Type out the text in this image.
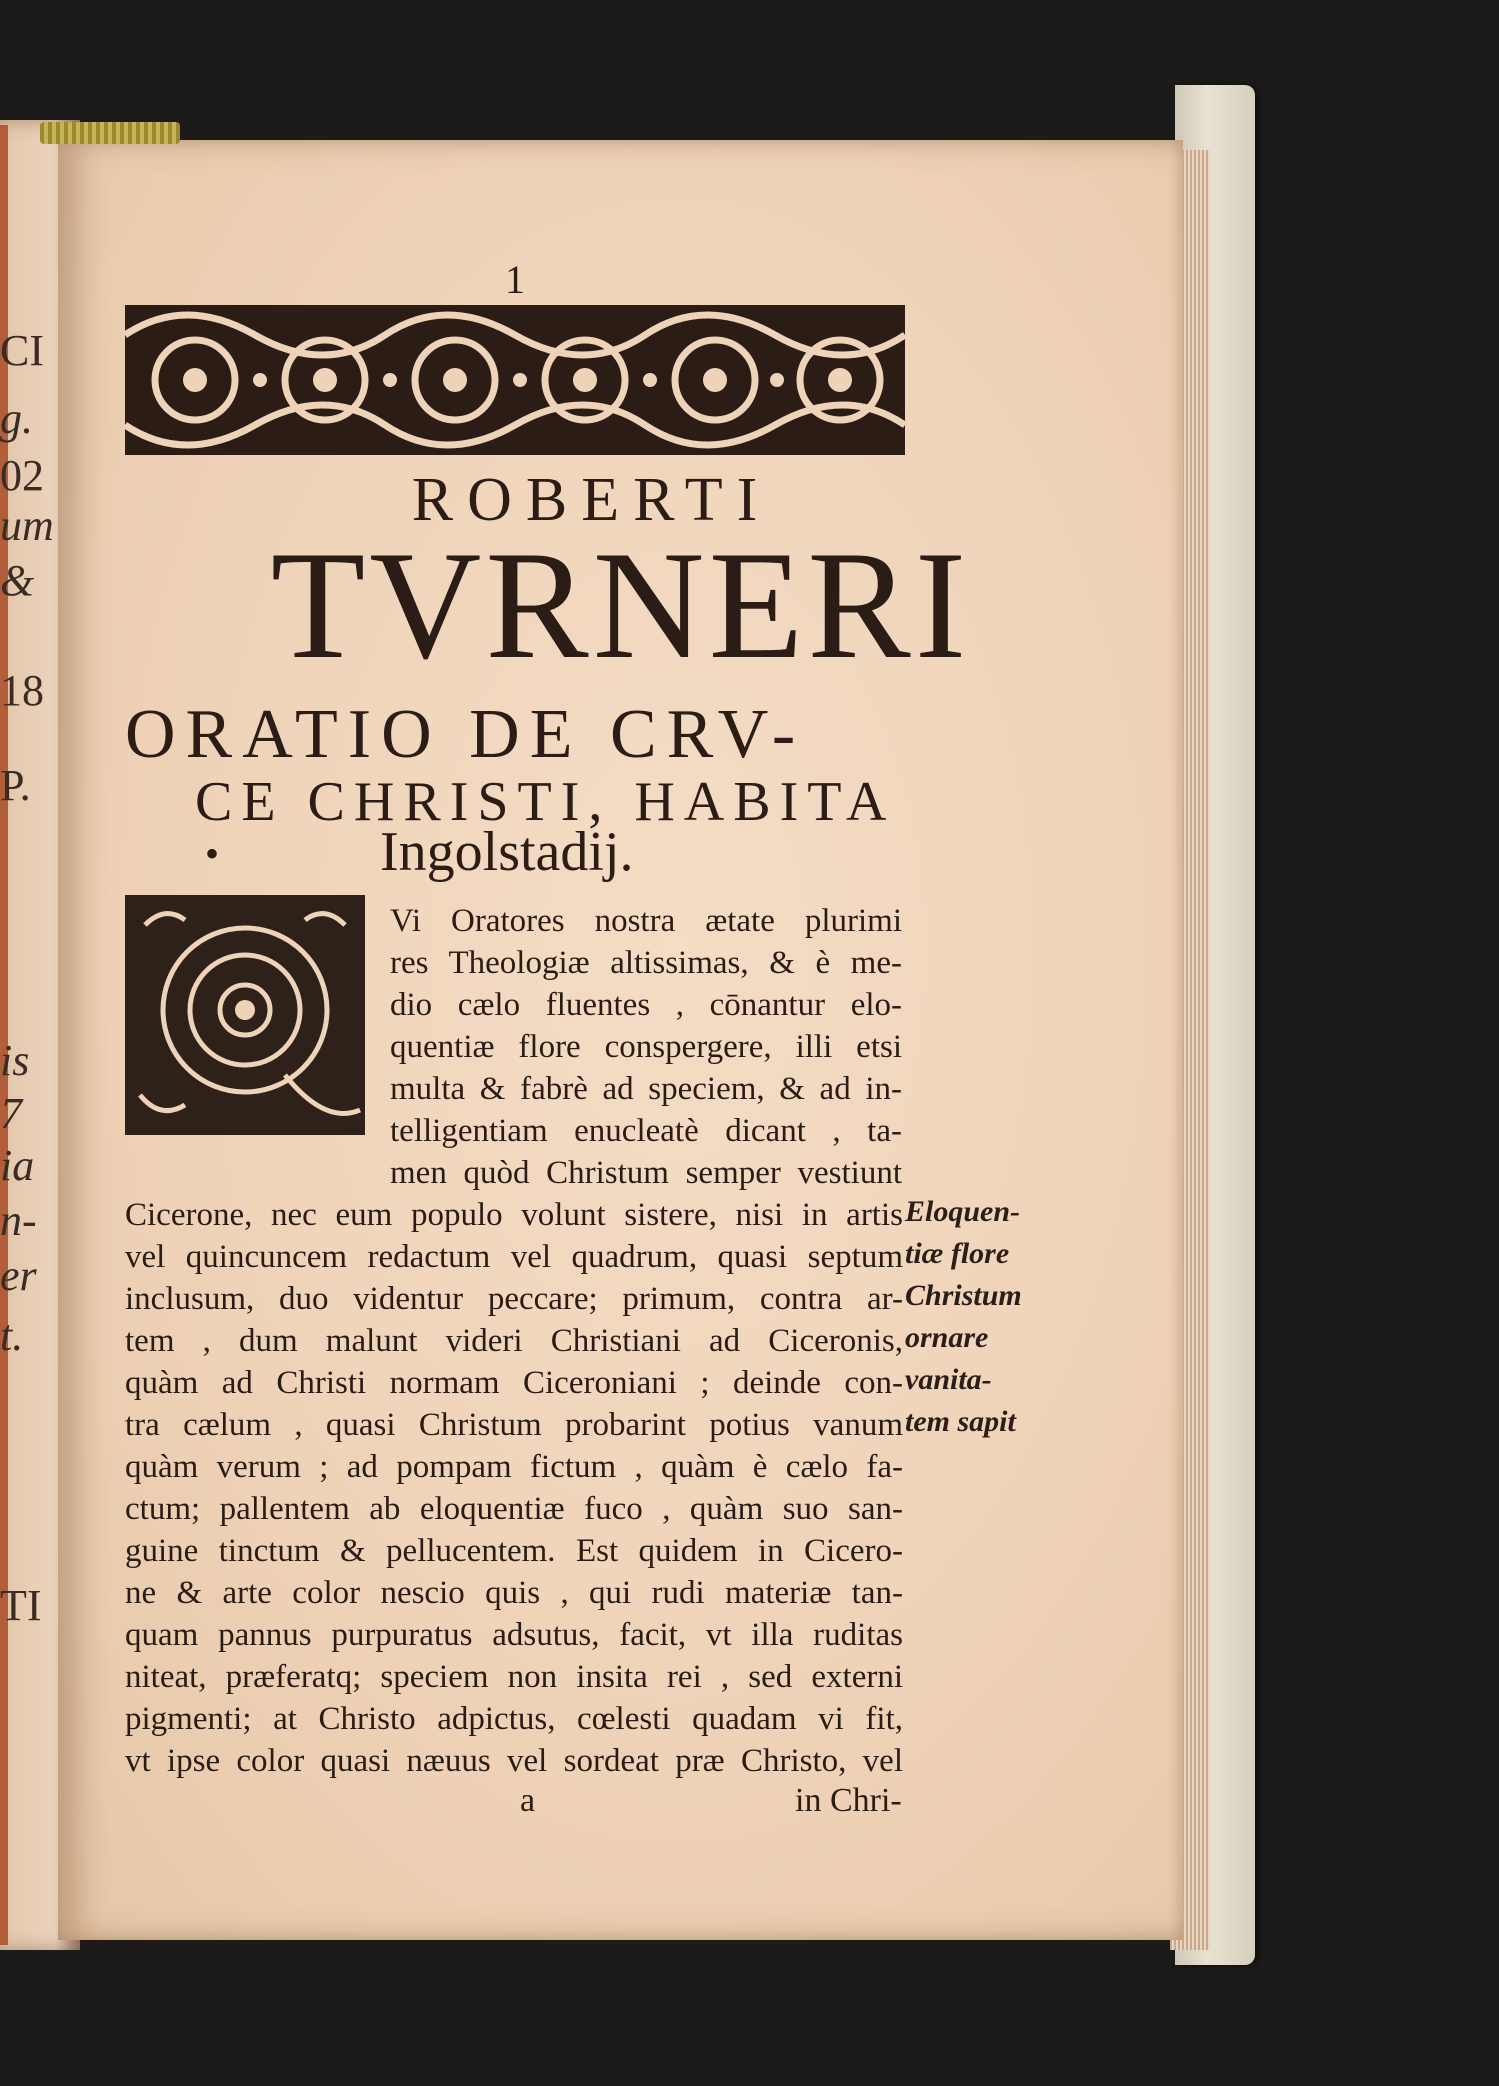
CI
g.
02
um
&
18
P.
is
7
ia
n-
er
t.
TI
1
ROBERTI
TVRNERI
ORATIO DE CRV-
CE CHRISTI, HABITA
•	Ingolstadij.
Vi Oratores nostra ætate plurimi
res Theologiæ altissimas, & è me-
dio cælo fluentes , cōnantur elo-
quentiæ flore conspergere, illi etsi
multa & fabrè ad speciem, & ad in-
telligentiam enucleatè dicant , ta-
men quòd Christum semper vestiunt
Cicerone, nec eum populo volunt sistere, nisi in artis
vel quincuncem redactum vel quadrum, quasi septum
inclusum, duo videntur peccare; primum, contra ar-
tem , dum malunt videri Christiani ad Ciceronis,
quàm ad Christi normam Ciceroniani ; deinde con-
tra cælum , quasi Christum probarint potius vanum
quàm verum ; ad pompam fictum , quàm è cælo fa-
ctum; pallentem ab eloquentiæ fuco , quàm suo san-
guine tinctum & pellucentem. Est quidem in Cicero-
ne & arte color nescio quis , qui rudi materiæ tan-
quam pannus purpuratus adsutus, facit, vt illa ruditas
niteat, præferatq; speciem non insita rei , sed externi
pigmenti; at Christo adpictus, cœlesti quadam vi fit,
vt ipse color quasi næuus vel sordeat præ Christo, vel
Eloquen-
tiæ flore
Christum
ornare
vanita-
tem sapit
a	in Chri-
